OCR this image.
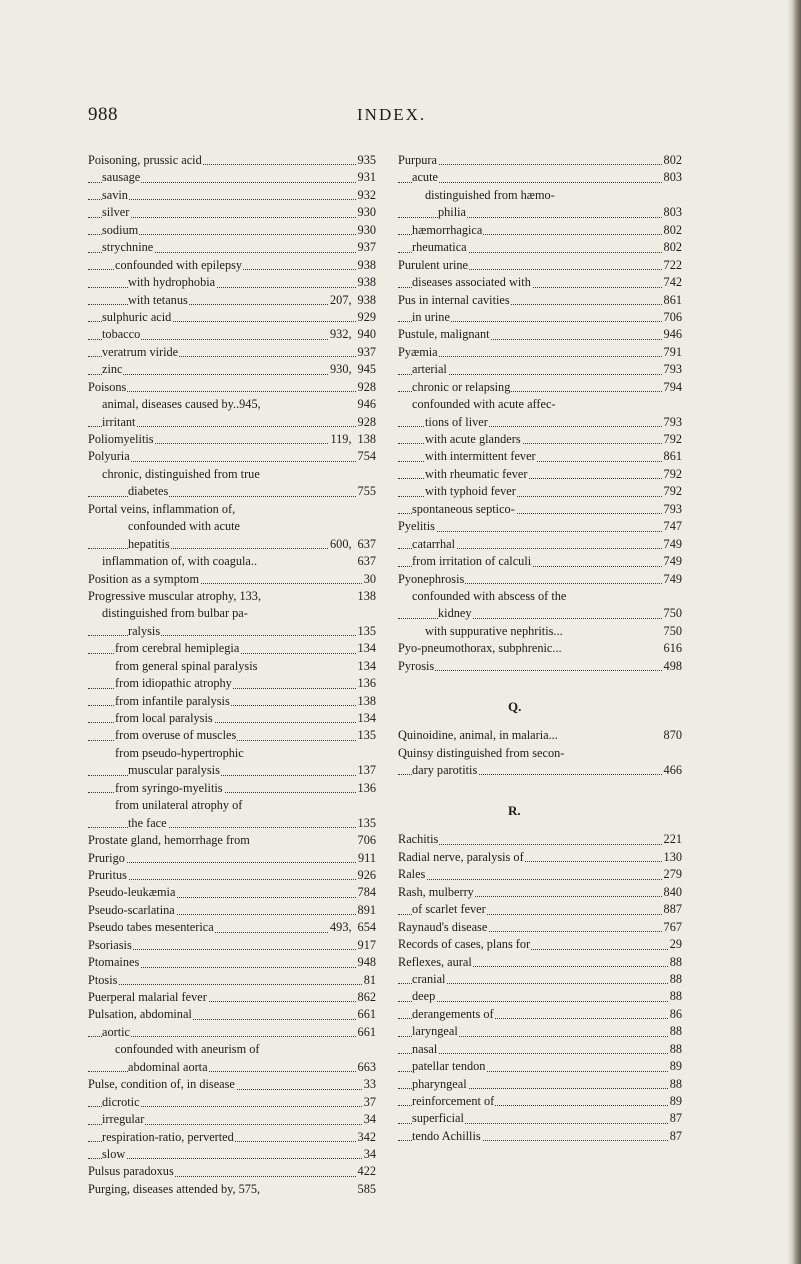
988	INDEX.
Poisoning, prussic acid	935
sausage	931
savin	932
silver	930
sodium	930
strychnine	937
confounded with epilepsy	938
with hydrophobia	938
with tetanus	207, 938
sulphuric acid	929
tobacco	932, 940
veratrum viride	937
zinc	930, 945
Poisons	928
animal, diseases caused by..945,	946
irritant	928
Poliomyelitis	119, 138
Polyuria	754
chronic, distinguished from true
diabetes	755
Portal veins, inflammation of,
confounded with acute
hepatitis	600, 637
inflammation of, with coagula..	637
Position as a symptom	30
Progressive muscular atrophy, 133,	138
distinguished from bulbar pa-
ralysis	135
from cerebral hemiplegia	134
from general spinal paralysis	134
from idiopathic atrophy	136
from infantile paralysis	138
from local paralysis	134
from overuse of muscles	135
from pseudo-hypertrophic
muscular paralysis	137
from syringo-myelitis	136
from unilateral atrophy of
the face	135
Prostate gland, hemorrhage from	706
Prurigo	911
Pruritus	926
Pseudo-leukæmia	784
Pseudo-scarlatina	891
Pseudo tabes mesenterica	493, 654
Psoriasis	917
Ptomaines	948
Ptosis	81
Puerperal malarial fever	862
Pulsation, abdominal	661
aortic	661
confounded with aneurism of
abdominal aorta	663
Pulse, condition of, in disease	33
dicrotic	37
irregular	34
respiration-ratio, perverted	342
slow	34
Pulsus paradoxus	422
Purging, diseases attended by, 575,	585
Purpura	802
acute	803
distinguished from hæmo-
philia	803
hæmorrhagica	802
rheumatica	802
Purulent urine	722
diseases associated with	742
Pus in internal cavities	861
in urine	706
Pustule, malignant	946
Pyæmia	791
arterial	793
chronic or relapsing	794
confounded with acute affec-
tions of liver	793
with acute glanders	792
with intermittent fever	861
with rheumatic fever	792
with typhoid fever	792
spontaneous septico-	793
Pyelitis	747
catarrhal	749
from irritation of calculi	749
Pyonephrosis	749
confounded with abscess of the
kidney	750
with suppurative nephritis...	750
Pyo-pneumothorax, subphrenic...	616
Pyrosis	498
Q.
Quinoidine, animal, in malaria...	870
Quinsy distinguished from secon-
dary parotitis	466
R.
Rachitis	221
Radial nerve, paralysis of	130
Rales	279
Rash, mulberry	840
of scarlet fever	887
Raynaud's disease	767
Records of cases, plans for	29
Reflexes, aural	88
cranial	88
deep	88
derangements of	86
laryngeal	88
nasal	88
patellar tendon	89
pharyngeal	88
reinforcement of	89
superficial	87
tendo Achillis	87
